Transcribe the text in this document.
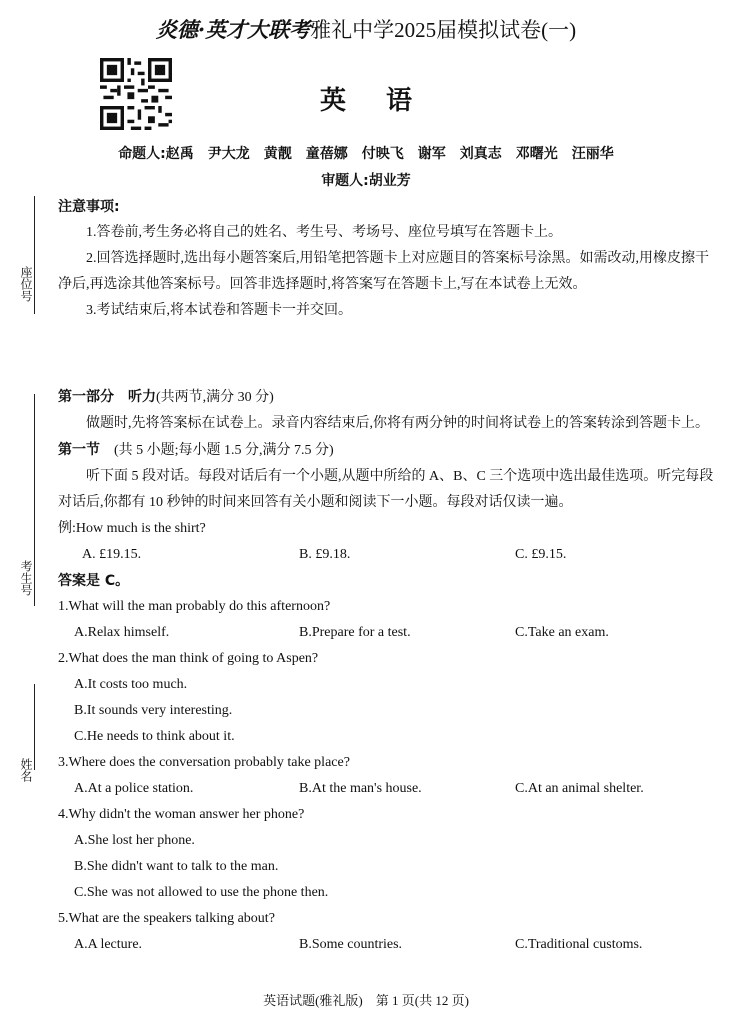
炎德·英才大联考雅礼中学2025届模拟试卷(一)
英语
命题人:赵禹 尹大龙 黄靓 童蓓娜 付映飞 谢军 刘真志 邓曙光 汪丽华
审题人:胡业芳
座位号
考生号
姓名
注意事项:
1.答卷前,考生务必将自己的姓名、考生号、考场号、座位号填写在答题卡上。
2.回答选择题时,选出每小题答案后,用铅笔把答题卡上对应题目的答案标号涂黑。如需改动,用橡皮擦干净后,再选涂其他答案标号。回答非选择题时,将答案写在答题卡上,写在本试卷上无效。
3.考试结束后,将本试卷和答题卡一并交回。
第一部分　听力(共两节,满分 30 分)
做题时,先将答案标在试卷上。录音内容结束后,你将有两分钟的时间将试卷上的答案转涂到答题卡上。
第一节　 (共 5 小题;每小题 1.5 分,满分 7.5 分)
听下面 5 段对话。每段对话后有一个小题,从题中所给的 A、B、C 三个选项中选出最佳选项。听完每段对话后,你都有 10 秒钟的时间来回答有关小题和阅读下一小题。每段对话仅读一遍。
例:How much is the shirt?
A. £19.15.	B. £9.18.	C. £9.15.
答案是 C。
1.What will the man probably do this afternoon?
A.Relax himself.	B.Prepare for a test.	C.Take an exam.
2.What does the man think of going to Aspen?
A.It costs too much.
B.It sounds very interesting.
C.He needs to think about it.
3.Where does the conversation probably take place?
A.At a police station.	B.At the man's house.	C.At an animal shelter.
4.Why didn't the woman answer her phone?
A.She lost her phone.
B.She didn't want to talk to the man.
C.She was not allowed to use the phone then.
5.What are the speakers talking about?
A.A lecture.	B.Some countries.	C.Traditional customs.
英语试题(雅礼版)　第 1 页(共 12 页)
